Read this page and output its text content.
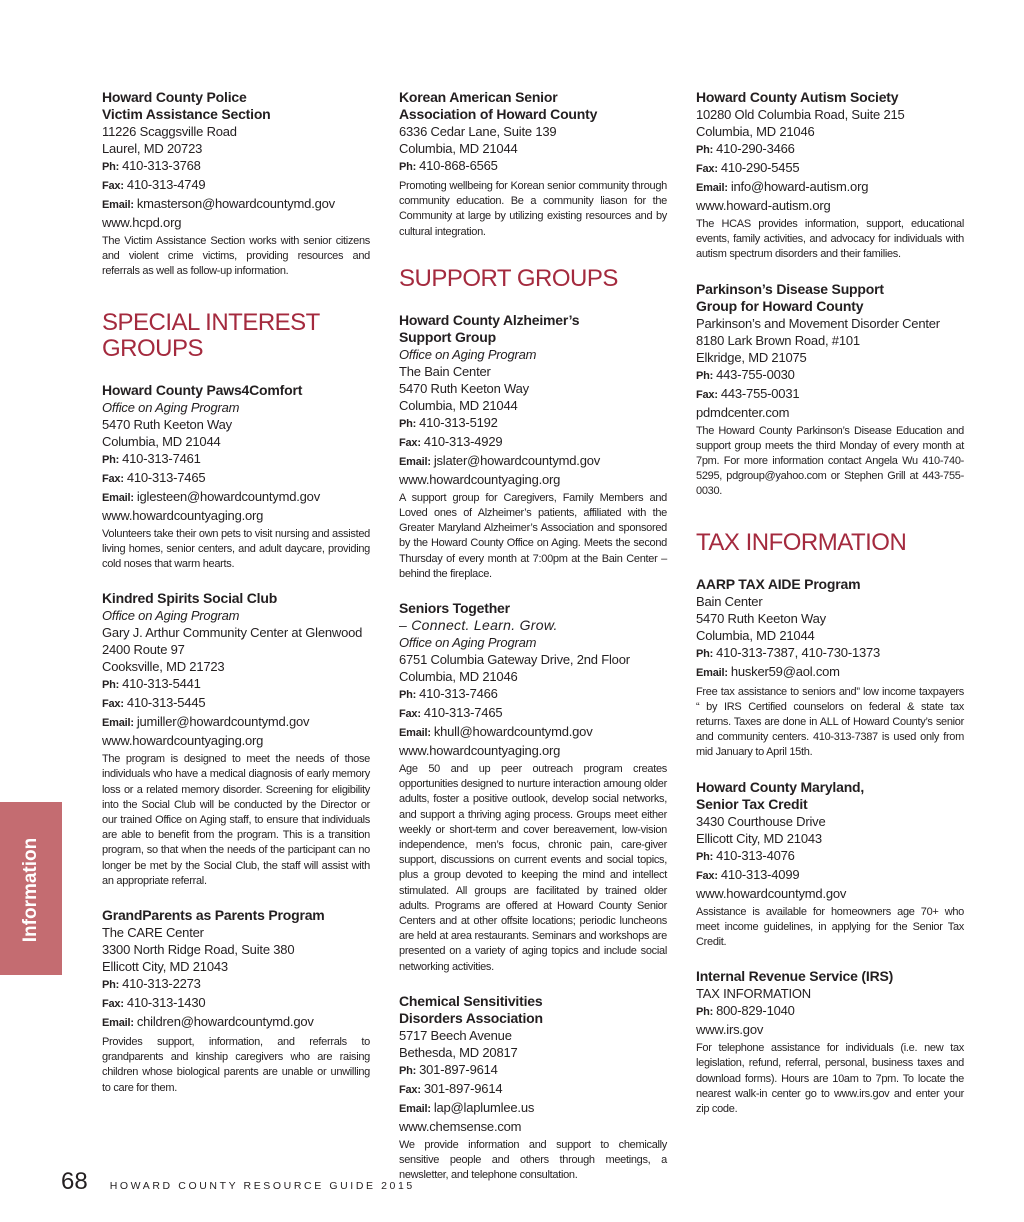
Howard County Police
Victim Assistance Section
11226 Scaggsville Road
Laurel, MD 20723
Ph: 410-313-3768
Fax: 410-313-4749
Email: kmasterson@howardcountymd.gov
www.hcpd.org
The Victim Assistance Section works with senior citizens and violent crime victims, providing resources and referrals as well as follow-up information.
SPECIAL INTEREST
GROUPS
Howard County Paws4Comfort
Office on Aging Program
5470 Ruth Keeton Way
Columbia, MD 21044
Ph: 410-313-7461
Fax: 410-313-7465
Email: iglesteen@howardcountymd.gov
www.howardcountyaging.org
Volunteers take their own pets to visit nursing and assisted living homes, senior centers, and adult daycare, providing cold noses that warm hearts.
Kindred Spirits Social Club
Office on Aging Program
Gary J. Arthur Community Center at Glenwood
2400 Route 97
Cooksville, MD 21723
Ph: 410-313-5441
Fax: 410-313-5445
Email: jumiller@howardcountymd.gov
www.howardcountyaging.org
The program is designed to meet the needs of those individuals who have a medical diagnosis of early memory loss or a related memory disorder. Screening for eligibility into the Social Club will be conducted by the Director or our trained Office on Aging staff, to ensure that individuals are able to benefit from the program. This is a transition program, so that when the needs of the participant can no longer be met by the Social Club, the staff will assist with an appropriate referral.
GrandParents as Parents Program
The CARE Center
3300 North Ridge Road, Suite 380
Ellicott City, MD 21043
Ph: 410-313-2273
Fax: 410-313-1430
Email: children@howardcountymd.gov
Provides support, information, and referrals to grandparents and kinship caregivers who are raising children whose biological parents are unable or unwilling to care for them.
Korean American Senior
Association of Howard County
6336 Cedar Lane, Suite 139
Columbia, MD 21044
Ph: 410-868-6565
Promoting wellbeing for Korean senior community through community education. Be a community liason for the Community at large by utilizing existing resources and by cultural integration.
SUPPORT GROUPS
Howard County Alzheimer’s
Support Group
Office on Aging Program
The Bain Center
5470 Ruth Keeton Way
Columbia, MD 21044
Ph: 410-313-5192
Fax: 410-313-4929
Email: jslater@howardcountymd.gov
www.howardcountyaging.org
A support group for Caregivers, Family Members and Loved ones of Alzheimer’s patients, affiliated with the Greater Maryland Alzheimer’s Association and sponsored by the Howard County Office on Aging. Meets the second Thursday of every month at 7:00pm at the Bain Center – behind the fireplace.
Seniors Together
– Connect. Learn. Grow.
Office on Aging Program
6751 Columbia Gateway Drive, 2nd Floor
Columbia, MD 21046
Ph: 410-313-7466
Fax: 410-313-7465
Email: khull@howardcountymd.gov
www.howardcountyaging.org
Age 50 and up peer outreach program creates opportunities designed to nurture interaction amoung older adults, foster a positive outlook, develop social networks, and support a thriving aging process. Groups meet either weekly or short-term and cover bereavement, low-vision independence, men’s focus, chronic pain, care-giver support, discussions on current events and social topics, plus a group devoted to keeping the mind and intellect stimulated. All groups are facilitated by trained older adults. Programs are offered at Howard County Senior Centers and at other offsite locations; periodic luncheons are held at area restaurants. Seminars and workshops are presented on a variety of aging topics and include social networking activities.
Chemical Sensitivities
Disorders Association
5717 Beech Avenue
Bethesda, MD 20817
Ph: 301-897-9614
Fax: 301-897-9614
Email: lap@laplumlee.us
www.chemsense.com
We provide information and support to chemically sensitive people and others through meetings, a newsletter, and telephone consultation.
Howard County Autism Society
10280 Old Columbia Road, Suite 215
Columbia, MD 21046
Ph: 410-290-3466
Fax: 410-290-5455
Email: info@howard-autism.org
www.howard-autism.org
The HCAS provides information, support, educational events, family activities, and advocacy for individuals with autism spectrum disorders and their families.
Parkinson’s Disease Support
Group for Howard County
Parkinson’s and Movement Disorder Center
8180 Lark Brown Road, #101
Elkridge, MD 21075
Ph: 443-755-0030
Fax: 443-755-0031
pdmdcenter.com
The Howard County Parkinson’s Disease Education and support group meets the third Monday of every month at 7pm. For more information contact Angela Wu 410-740-5295, pdgroup@yahoo.com or Stephen Grill at 443-755-0030.
TAX INFORMATION
AARP TAX AIDE Program
Bain Center
5470 Ruth Keeton Way
Columbia, MD 21044
Ph: 410-313-7387, 410-730-1373
Email: husker59@aol.com
Free tax assistance to seniors and” low income taxpayers “ by IRS Certified counselors on federal & state tax returns. Taxes are done in ALL of Howard County’s senior and community centers. 410-313-7387 is used only from mid January to April 15th.
Howard County Maryland,
Senior Tax Credit
3430 Courthouse Drive
Ellicott City, MD 21043
Ph: 410-313-4076
Fax: 410-313-4099
www.howardcountymd.gov
Assistance is available for homeowners age 70+ who meet income guidelines, in applying for the Senior Tax Credit.
Internal Revenue Service (IRS)
TAX INFORMATION
Ph: 800-829-1040
www.irs.gov
For telephone assistance for individuals (i.e. new tax legislation, refund, referral, personal, business taxes and download forms). Hours are 10am to 7pm. To locate the nearest walk-in center go to www.irs.gov and enter your zip code.
Information
68 HOWARD COUNTY RESOURCE GUIDE 2015
